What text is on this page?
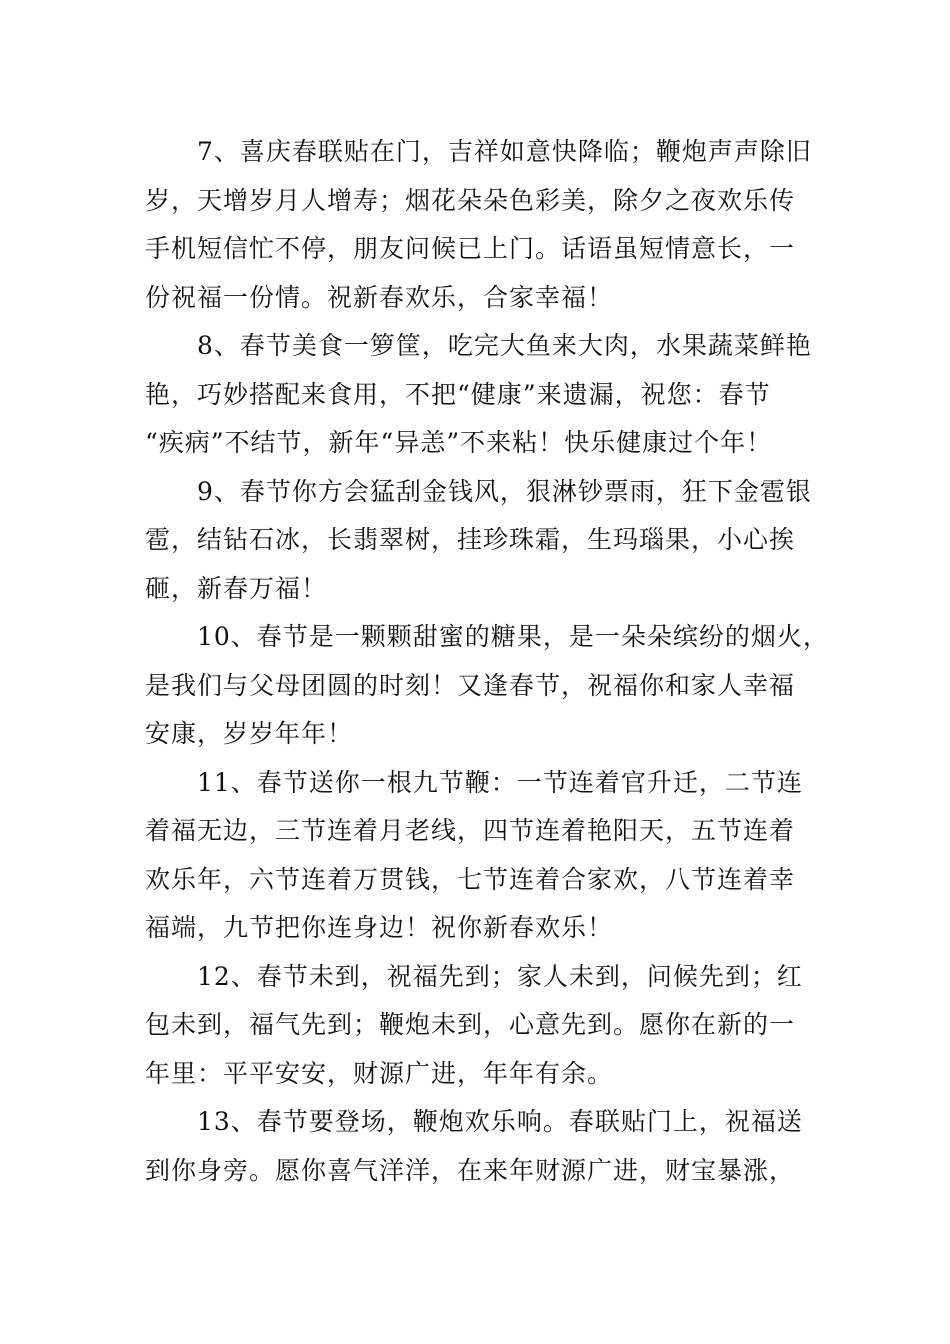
7、喜庆春联贴在门，吉祥如意快降临；鞭炮声声除旧
岁，天增岁月人增寿；烟花朵朵色彩美，除夕之夜欢乐传
手机短信忙不停，朋友问候已上门。话语虽短情意长，一
份祝福一份情。祝新春欢乐，合家幸福！

8、春节美食一箩筐，吃完大鱼来大肉，水果蔬菜鲜艳
艳，巧妙搭配来食用，不把“健康”来遗漏，祝您：春节
“疾病”不结节，新年“异恙”不来粘！快乐健康过个年！

9、春节你方会猛刮金钱风，狠淋钞票雨，狂下金雹银
雹，结钻石冰，长翡翠树，挂珍珠霜，生玛瑙果，小心挨
砸，新春万福！

10、春节是一颗颗甜蜜的糖果，是一朵朵缤纷的烟火，
是我们与父母团圆的时刻！又逢春节，祝福你和家人幸福
安康，岁岁年年！

11、春节送你一根九节鞭：一节连着官升迁，二节连
着福无边，三节连着月老线，四节连着艳阳天，五节连着
欢乐年，六节连着万贯钱，七节连着合家欢，八节连着幸
福端，九节把你连身边！祝你新春欢乐！

12、春节未到，祝福先到；家人未到，问候先到；红
包未到，福气先到；鞭炮未到，心意先到。愿你在新的一
年里：平平安安，财源广进，年年有余。

13、春节要登场，鞭炮欢乐响。春联贴门上，祝福送
到你身旁。愿你喜气洋洋，在来年财源广进，财宝暴涨，
